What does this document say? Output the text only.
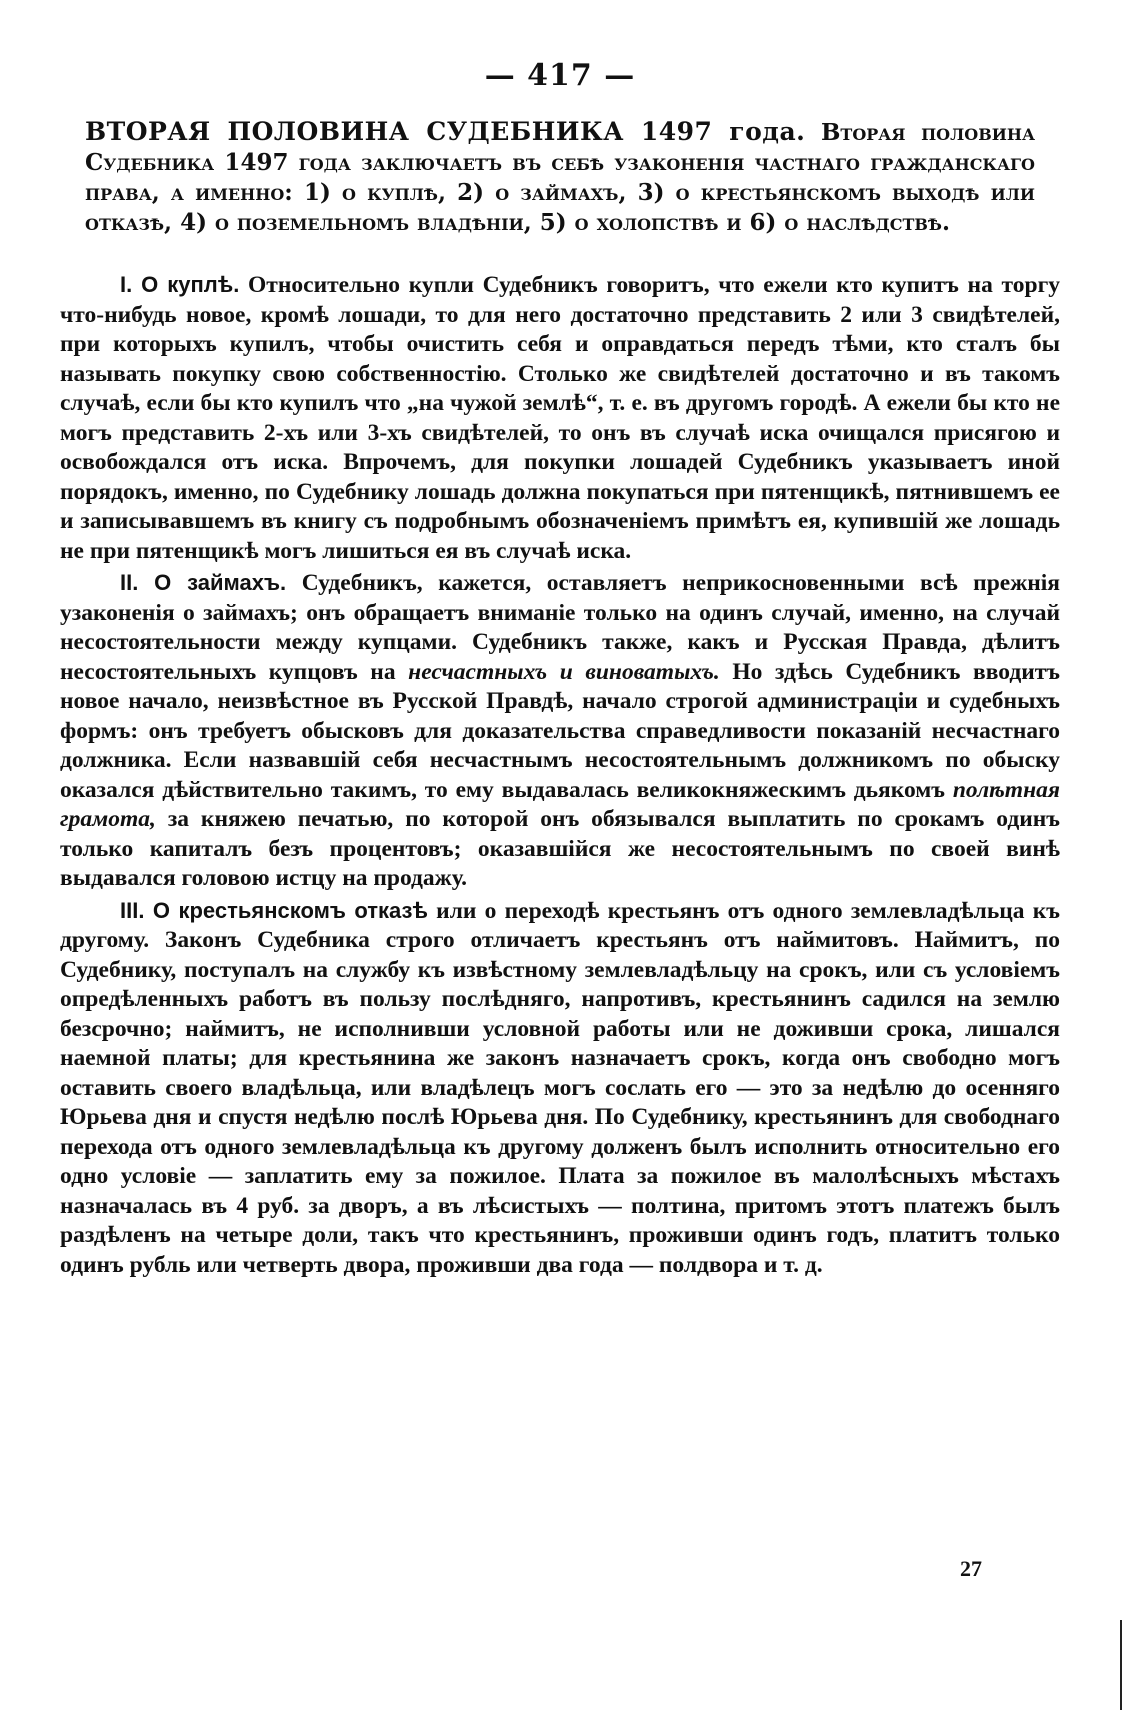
— 417 —
ВТОРАЯ ПОЛОВИНА СУДЕБНИКА 1497 года. Вторая половина Судебника 1497 года заключаетъ въ себѣ узаконенія частнаго гражданскаго права, а именно: 1) о куплѣ, 2) о займахъ, 3) о крестьянскомъ выходѣ или отказѣ, 4) о поземельномъ владѣніи, 5) о холопствѣ и 6) о наслѣдствѣ.

I. О куплѣ. Относительно купли Судебникъ говоритъ, что ежели кто купитъ на торгу что-нибудь новое, кромѣ лошади, то для него достаточно представить 2 или 3 свидѣтелей, при которыхъ купилъ, чтобы очистить себя и оправдаться передъ тѣми, кто сталъ бы называть покупку свою собственностію. Столько же свидѣтелей достаточно и въ такомъ случаѣ, если бы кто купилъ что „на чужой землѣ“, т. е. въ другомъ городѣ. А ежели бы кто не могъ представить 2-хъ или 3-хъ свидѣтелей, то онъ въ случаѣ иска очищался присягою и освобождался отъ иска. Впрочемъ, для покупки лошадей Судебникъ указываетъ иной порядокъ, именно, по Судебнику лошадь должна покупаться при пятенщикѣ, пятнившемъ ее и записывавшемъ въ книгу съ подробнымъ обозначеніемъ примѣтъ ея, купившій же лошадь не при пятенщикѣ могъ лишиться ея въ случаѣ иска.

II. О займахъ. Судебникъ, кажется, оставляетъ неприкосновенными всѣ прежнія узаконенія о займахъ; онъ обращаетъ вниманіе только на одинъ случай, именно, на случай несостоятельности между купцами. Судебникъ также, какъ и Русская Правда, дѣлитъ несостоятельныхъ купцовъ на несчастныхъ и виноватыхъ. Но здѣсь Судебникъ вводитъ новое начало, неизвѣстное въ Русской Правдѣ, начало строгой администраціи и судебныхъ формъ: онъ требуетъ обысковъ для доказательства справедливости показаній несчастнаго должника. Если назвавшій себя несчастнымъ несостоятельнымъ должникомъ по обыску оказался дѣйствительно такимъ, то ему выдавалась великокняжескимъ дьякомъ полѣтная грамота, за княжею печатью, по которой онъ обязывался выплатить по срокамъ одинъ только капиталъ безъ процентовъ; оказавшійся же несостоятельнымъ по своей винѣ выдавался головою истцу на продажу.

III. О крестьянскомъ отказѣ или о переходѣ крестьянъ отъ одного землевладѣльца къ другому. Законъ Судебника строго отличаетъ крестьянъ отъ наймитовъ. Наймитъ, по Судебнику, поступалъ на службу къ извѣстному землевладѣльцу на срокъ, или съ условіемъ опредѣленныхъ работъ въ пользу послѣдняго, напротивъ, крестьянинъ садился на землю безсрочно; наймитъ, не исполнивши условной работы или не доживши срока, лишался наемной платы; для крестьянина же законъ назначаетъ срокъ, когда онъ свободно могъ оставить своего владѣльца, или владѣлецъ могъ сослать его — это за недѣлю до осенняго Юрьева дня и спустя недѣлю послѣ Юрьева дня. По Судебнику, крестьянинъ для свободнаго перехода отъ одного землевладѣльца къ другому долженъ былъ исполнить относительно его одно условіе — заплатить ему за пожилое. Плата за пожилое въ малолѣсныхъ мѣстахъ назначалась въ 4 руб. за дворъ, а въ лѣсистыхъ — полтина, притомъ этотъ платежъ былъ раздѣленъ на четыре доли, такъ что крестьянинъ, проживши одинъ годъ, платитъ только одинъ рубль или четверть двора, проживши два года — полдвора и т. д.

27
